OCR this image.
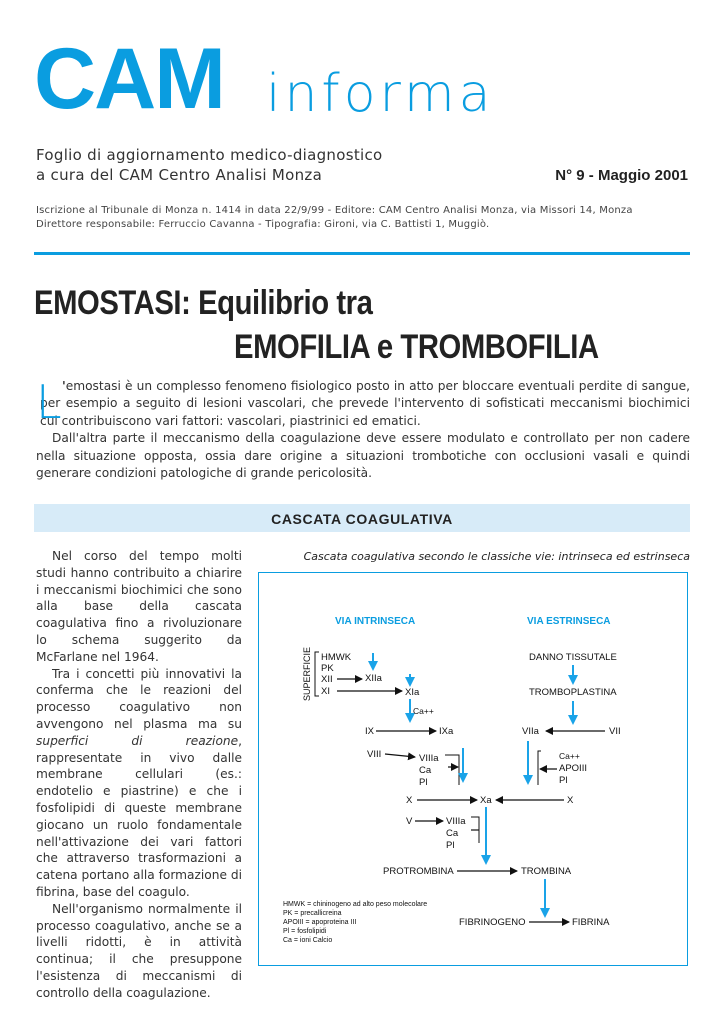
CAM informa
Foglio di aggiornamento medico-diagnostico
a cura del CAM Centro Analisi Monza	N° 9 - Maggio 2001
Iscrizione al Tribunale di Monza n. 1414 in data 22/9/99 - Editore: CAM Centro Analisi Monza, via Missori 14, Monza
Direttore responsabile: Ferruccio Cavanna - Tipografia: Gironi, via C. Battisti 1, Muggiò.
EMOSTASI: Equilibrio tra
EMOFILIA e TROMBOFILIA
L 'emostasi è un complesso fenomeno fisiologico posto in atto per bloccare eventuali perdite di sangue, per esempio a seguito di lesioni vascolari, che prevede l'intervento di sofisticati meccanismi biochimici cui contribuiscono vari fattori: vascolari, piastrinici ed ematici.

Dall'altra parte il meccanismo della coagulazione deve essere modulato e controllato per non cadere nella situazione opposta, ossia dare origine a situazioni trombotiche con occlusioni vasali e quindi generare condizioni patologiche di grande pericolosità.

CASCATA COAGULATIVA

Nel corso del tempo molti studi hanno contribuito a chiarire i meccanismi biochimici che sono alla base della cascata coagulativa fino a rivoluzionare lo schema suggerito da McFarlane nel 1964.

Tra i concetti più innovativi la conferma che le reazioni del processo coagulativo non avvengono nel plasma ma su superfici di reazione, rappresentate in vivo dalle membrane cellulari (es.: endotelio e piastrine) e che i fosfolipidi di queste membrane giocano un ruolo fondamentale nell'attivazione dei vari fattori che attraverso trasformazioni a catena portano alla formazione di fibrina, base del coagulo.

Nell'organismo normalmente il processo coagulativo, anche se a livelli ridotti, è in attività continua; il che presuppone l'esistenza di meccanismi di controllo della coagulazione.

Cascata coagulativa secondo le classiche vie: intrinseca ed estrinseca
VIA INTRINSECA	VIA ESTRINSECA
SUPERFICIE HMWK
PK
XII
XI
XIIa
XIa
Ca++
IX	IXa
VIII	VIIIa
Ca
Pl
DANNO TISSUTALE
TROMBOPLASTINA
VIIa	VII
Ca++
APOIII
Pl
X	Xa	X
V	VIIIa
Ca
Pl
PROTROMBINA	TROMBINA
FIBRINOGENO	FIBRINA
HMWK = chininogeno ad alto peso molecolare
PK = precallicreina
APOIII = apoproteina III
Pl = fosfolipidi
Ca = ioni Calcio
